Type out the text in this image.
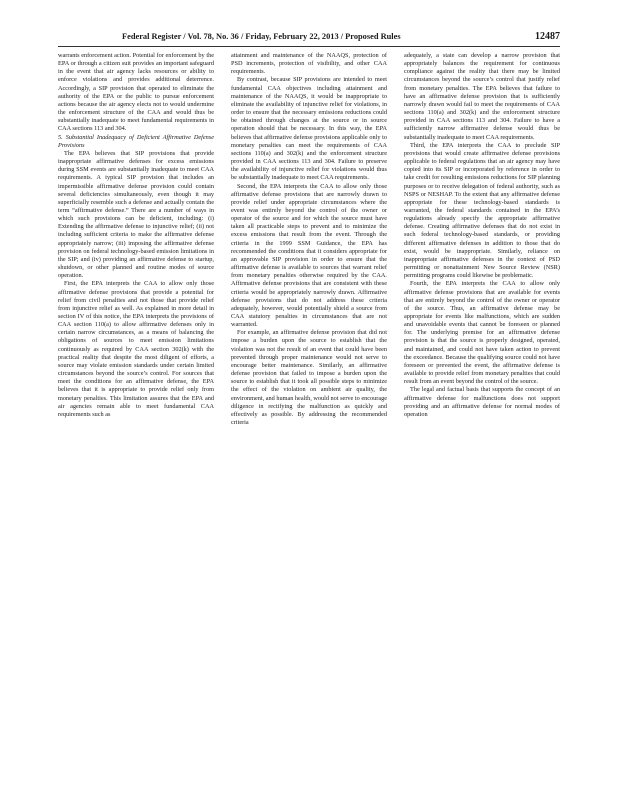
Federal Register / Vol. 78, No. 36 / Friday, February 22, 2013 / Proposed Rules	12487

warrants enforcement action. Potential for enforcement by the EPA or through a citizen suit provides an important safeguard in the event that air agency lacks resources or ability to enforce violations and provides additional deterrence. Accordingly, a SIP provision that operated to eliminate the authority of the EPA or the public to pursue enforcement actions because the air agency elects not to would undermine the enforcement structure of the CAA and would thus be substantially inadequate to meet fundamental requirements in CAA sections 113 and 304.

5. Substantial Inadequacy of Deficient Affirmative Defense Provisions

The EPA believes that SIP provisions that provide inappropriate affirmative defenses for excess emissions during SSM events are substantially inadequate to meet CAA requirements. A typical SIP provision that includes an impermissible affirmative defense provision could contain several deficiencies simultaneously, even though it may superficially resemble such a defense and actually contain the term “affirmative defense.” There are a number of ways in which such provisions can be deficient, including: (i) Extending the affirmative defense to injunctive relief; (ii) not including sufficient criteria to make the affirmative defense appropriately narrow; (iii) imposing the affirmative defense provision on federal technology-based emission limitations in the SIP; and (iv) providing an affirmative defense to startup, shutdown, or other planned and routine modes of source operation.

First, the EPA interprets the CAA to allow only those affirmative defense provisions that provide a potential for relief from civil penalties and not those that provide relief from injunctive relief as well. As explained in more detail in section IV of this notice, the EPA interprets the provisions of CAA section 110(a) to allow affirmative defenses only in certain narrow circumstances, as a means of balancing the obligations of sources to meet emission limitations continuously as required by CAA section 302(k) with the practical reality that despite the most diligent of efforts, a source may violate emission standards under certain limited circumstances beyond the source’s control. For sources that meet the conditions for an affirmative defense, the EPA believes that it is appropriate to provide relief only from monetary penalties. This limitation assures that the EPA and air agencies remain able to meet fundamental CAA requirements such as

attainment and maintenance of the NAAQS, protection of PSD increments, protection of visibility, and other CAA requirements.

By contrast, because SIP provisions are intended to meet fundamental CAA objectives including attainment and maintenance of the NAAQS, it would be inappropriate to eliminate the availability of injunctive relief for violations, in order to ensure that the necessary emissions reductions could be obtained through changes at the source or in source operation should that be necessary. In this way, the EPA believes that affirmative defense provisions applicable only to monetary penalties can meet the requirements of CAA sections 110(a) and 302(k) and the enforcement structure provided in CAA sections 113 and 304. Failure to preserve the availability of injunctive relief for violations would thus be substantially inadequate to meet CAA requirements.

Second, the EPA interprets the CAA to allow only those affirmative defense provisions that are narrowly drawn to provide relief under appropriate circumstances where the event was entirely beyond the control of the owner or operator of the source and for which the source must have taken all practicable steps to prevent and to minimize the excess emissions that result from the event. Through the criteria in the 1999 SSM Guidance, the EPA has recommended the conditions that it considers appropriate for an approvable SIP provision in order to ensure that the affirmative defense is available to sources that warrant relief from monetary penalties otherwise required by the CAA. Affirmative defense provisions that are consistent with these criteria would be appropriately narrowly drawn. Affirmative defense provisions that do not address these criteria adequately, however, would potentially shield a source from CAA statutory penalties in circumstances that are not warranted.

For example, an affirmative defense provision that did not impose a burden upon the source to establish that the violation was not the result of an event that could have been prevented through proper maintenance would not serve to encourage better maintenance. Similarly, an affirmative defense provision that failed to impose a burden upon the source to establish that it took all possible steps to minimize the effect of the violation on ambient air quality, the environment, and human health, would not serve to encourage diligence in rectifying the malfunction as quickly and effectively as possible. By addressing the recommended criteria

adequately, a state can develop a narrow provision that appropriately balances the requirement for continuous compliance against the reality that there may be limited circumstances beyond the source’s control that justify relief from monetary penalties. The EPA believes that failure to have an affirmative defense provision that is sufficiently narrowly drawn would fail to meet the requirements of CAA sections 110(a) and 302(k) and the enforcement structure provided in CAA sections 113 and 304. Failure to have a sufficiently narrow affirmative defense would thus be substantially inadequate to meet CAA requirements.

Third, the EPA interprets the CAA to preclude SIP provisions that would create affirmative defense provisions applicable to federal regulations that an air agency may have copied into its SIP or incorporated by reference in order to take credit for resulting emissions reductions for SIP planning purposes or to receive delegation of federal authority, such as NSPS or NESHAP. To the extent that any affirmative defense appropriate for these technology-based standards is warranted, the federal standards contained in the EPA’s regulations already specify the appropriate affirmative defense. Creating affirmative defenses that do not exist in such federal technology-based standards, or providing different affirmative defenses in addition to those that do exist, would be inappropriate. Similarly, reliance on inappropriate affirmative defenses in the context of PSD permitting or nonattainment New Source Review (NSR) permitting programs could likewise be problematic.

Fourth, the EPA interprets the CAA to allow only affirmative defense provisions that are available for events that are entirely beyond the control of the owner or operator of the source. Thus, an affirmative defense may be appropriate for events like malfunctions, which are sudden and unavoidable events that cannot be foreseen or planned for. The underlying premise for an affirmative defense provision is that the source is properly designed, operated, and maintained, and could not have taken action to prevent the exceedance. Because the qualifying source could not have foreseen or prevented the event, the affirmative defense is available to provide relief from monetary penalties that could result from an event beyond the control of the source.

The legal and factual basis that supports the concept of an affirmative defense for malfunctions does not support providing and an affirmative defense for normal modes of operation
